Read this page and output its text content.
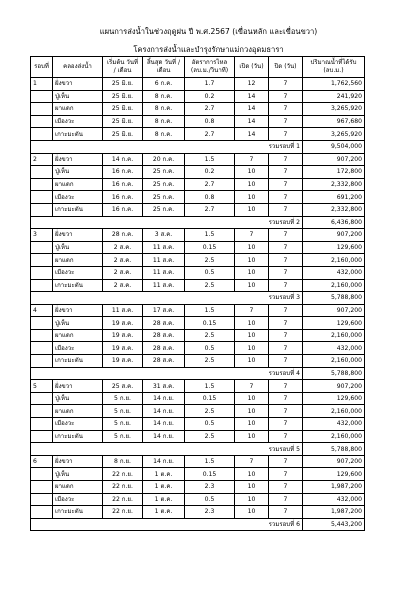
แผนการส่งน้ำในช่วงฤดูฝน ปี พ.ศ.2567 (เขื่อนหลัก และเขื่อนขวา)
โครงการส่งน้ำและบำรุงรักษาแม่กวงอุดมธารา
รอบที่	คลองส่งน้ำ	เริ่มต้น วันที่ / เดือน	สิ้นสุด วันที่ / เดือน	อัตราการไหล (ลบ.ม./วินาที)	เปิด (วัน)	ปิด (วัน)	ปริมาณน้ำที่ได้รับ (ลบ.ม.)
1	ฝั่งขวา	25 มิ.ย.	6 ก.ค.	1.7	12	7	1,762,560
	ปู่เห็น	25 มิ.ย.	8 ก.ค.	0.2	14	7	241,920
	ผาแดก	25 มิ.ย.	8 ก.ค.	2.7	14	7	3,265,920
	เมืองวะ	25 มิ.ย.	8 ก.ค.	0.8	14	7	967,680
	เกาะมะตัน	25 มิ.ย.	8 ก.ค.	2.7	14	7	3,265,920
รวมรอบที่ 1							9,504,000
2	ฝั่งขวา	14 ก.ค.	20 ก.ค.	1.5	7	7	907,200
	ปู่เห็น	16 ก.ค.	25 ก.ค.	0.2	10	7	172,800
	ผาแดก	16 ก.ค.	25 ก.ค.	2.7	10	7	2,332,800
	เมืองวะ	16 ก.ค.	25 ก.ค.	0.8	10	7	691,200
	เกาะมะตัน	16 ก.ค.	25 ก.ค.	2.7	10	7	2,332,800
รวมรอบที่ 2							6,436,800
3	ฝั่งขวา	28 ก.ค.	3 ส.ค.	1.5	7	7	907,200
	ปู่เห็น	2 ส.ค.	11 ส.ค.	0.15	10	7	129,600
	ผาแดก	2 ส.ค.	11 ส.ค.	2.5	10	7	2,160,000
	เมืองวะ	2 ส.ค.	11 ส.ค.	0.5	10	7	432,000
	เกาะมะตัน	2 ส.ค.	11 ส.ค.	2.5	10	7	2,160,000
รวมรอบที่ 3							5,788,800
4	ฝั่งขวา	11 ส.ค.	17 ส.ค.	1.5	7	7	907,200
	ปู่เห็น	19 ส.ค.	28 ส.ค.	0.15	10	7	129,600
	ผาแดก	19 ส.ค.	28 ส.ค.	2.5	10	7	2,160,000
	เมืองวะ	19 ส.ค.	28 ส.ค.	0.5	10	7	432,000
	เกาะมะตัน	19 ส.ค.	28 ส.ค.	2.5	10	7	2,160,000
รวมรอบที่ 4							5,788,800
5	ฝั่งขวา	25 ส.ค.	31 ส.ค.	1.5	7	7	907,200
	ปู่เห็น	5 ก.ย.	14 ก.ย.	0.15	10	7	129,600
	ผาแดก	5 ก.ย.	14 ก.ย.	2.5	10	7	2,160,000
	เมืองวะ	5 ก.ย.	14 ก.ย.	0.5	10	7	432,000
	เกาะมะตัน	5 ก.ย.	14 ก.ย.	2.5	10	7	2,160,000
รวมรอบที่ 5							5,788,800
6	ฝั่งขวา	8 ก.ย.	14 ก.ย.	1.5	7	7	907,200
	ปู่เห็น	22 ก.ย.	1 ต.ค.	0.15	10	7	129,600
	ผาแดก	22 ก.ย.	1 ต.ค.	2.3	10	7	1,987,200
	เมืองวะ	22 ก.ย.	1 ต.ค.	0.5	10	7	432,000
	เกาะมะตัน	22 ก.ย.	1 ต.ค.	2.3	10	7	1,987,200
รวมรอบที่ 6							5,443,200
